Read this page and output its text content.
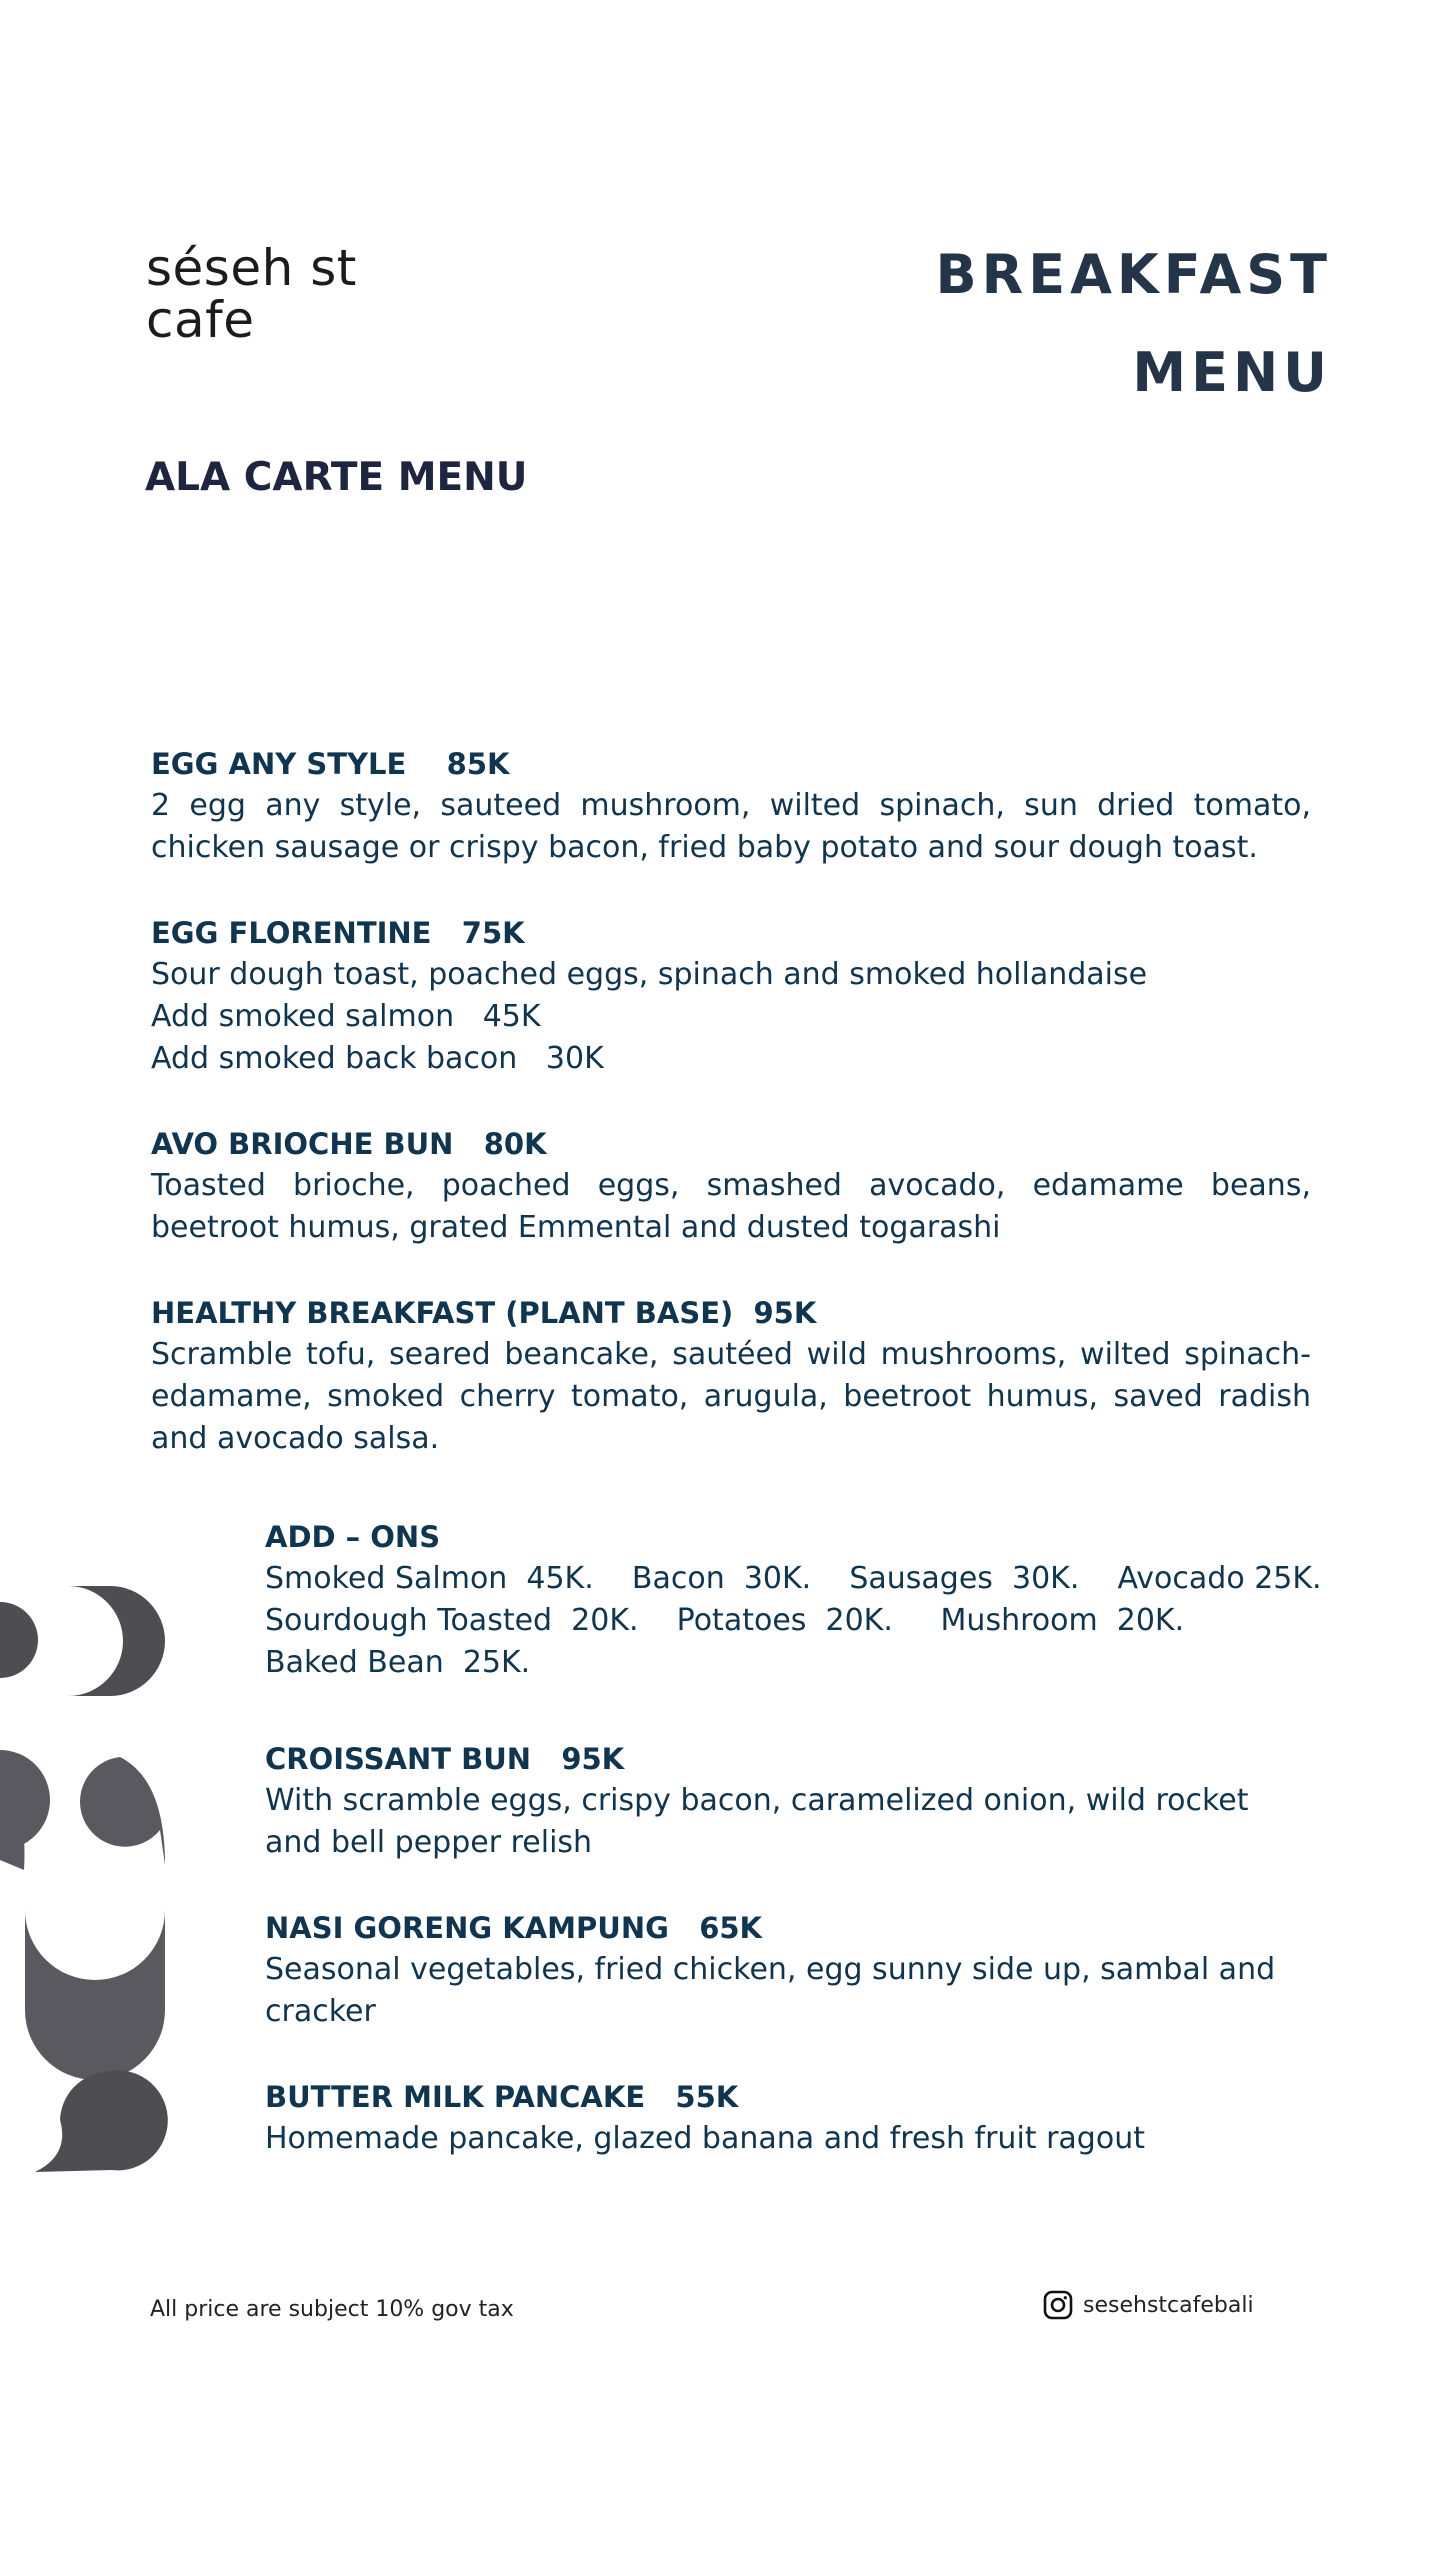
séseh st
cafe
BREAKFAST
MENU
ALA CARTE MENU
EGG ANY STYLE    85K
2 egg any style, sauteed mushroom, wilted spinach, sun dried tomato, chicken sausage or crispy bacon, fried baby potato and sour dough toast.
EGG FLORENTINE   75K
Sour dough toast, poached eggs, spinach and smoked hollandaise
Add smoked salmon   45K
Add smoked back bacon   30K
AVO BRIOCHE BUN   80K
Toasted brioche, poached eggs, smashed avocado, edamame beans, beetroot humus, grated Emmental and dusted togarashi
HEALTHY BREAKFAST (PLANT BASE)  95K
Scramble tofu, seared beancake, sautéed wild mushrooms, wilted spinach-edamame, smoked cherry tomato, arugula, beetroot humus, saved radish and avocado salsa.
ADD – ONS
Smoked Salmon  45K.    Bacon  30K.    Sausages  30K.    Avocado 25K.
Sourdough Toasted  20K.    Potatoes  20K.     Mushroom  20K.
Baked Bean  25K.
CROISSANT BUN   95K
With scramble eggs, crispy bacon, caramelized onion, wild rocket and bell pepper relish
NASI GORENG KAMPUNG   65K
Seasonal vegetables, fried chicken, egg sunny side up, sambal and cracker
BUTTER MILK PANCAKE   55K
Homemade pancake, glazed banana and fresh fruit ragout
All price are subject 10% gov tax	sesehstcafebali
